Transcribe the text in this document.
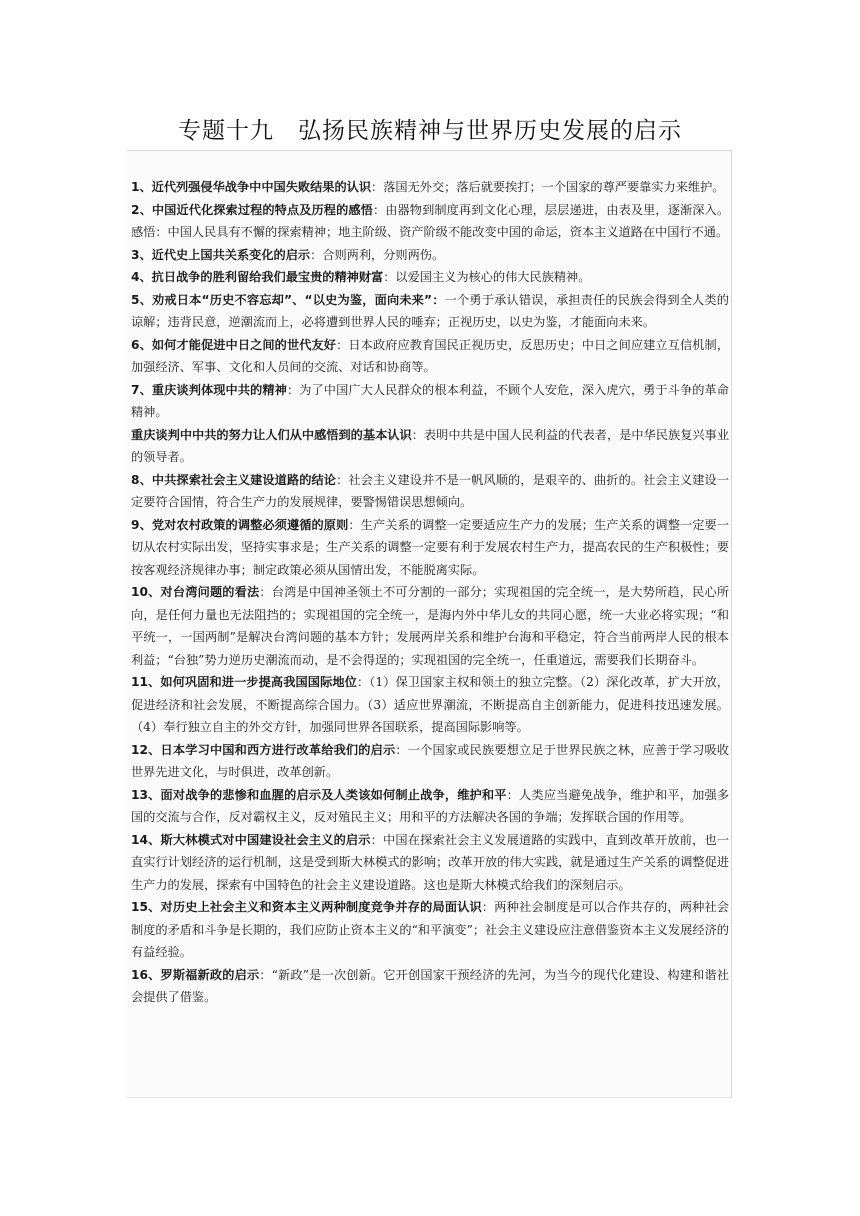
专题十九　弘扬民族精神与世界历史发展的启示

1、近代列强侵华战争中中国失败结果的认识：落国无外交；落后就要挨打；一个国家的尊严要靠实力来维护。

2、中国近代化探索过程的特点及历程的感悟：由器物到制度再到文化心理，层层递进，由表及里，逐渐深入。感悟：中国人民具有不懈的探索精神；地主阶级、资产阶级不能改变中国的命运，资本主义道路在中国行不通。

3、近代史上国共关系变化的启示：合则两利，分则两伤。

4、抗日战争的胜利留给我们最宝贵的精神财富：以爱国主义为核心的伟大民族精神。

5、劝戒日本“历史不容忘却”、“以史为鉴，面向未来”：一个勇于承认错误，承担责任的民族会得到全人类的谅解；违背民意，逆潮流而上，必将遭到世界人民的唾弃；正视历史，以史为鉴，才能面向未来。

6、如何才能促进中日之间的世代友好：日本政府应教育国民正视历史，反思历史；中日之间应建立互信机制，加强经济、军事、文化和人员间的交流、对话和协商等。

7、重庆谈判体现中共的精神：为了中国广大人民群众的根本利益，不顾个人安危，深入虎穴，勇于斗争的革命精神。

重庆谈判中中共的努力让人们从中感悟到的基本认识：表明中共是中国人民利益的代表者，是中华民族复兴事业的领导者。

8、中共探索社会主义建设道路的结论：社会主义建设并不是一帆风顺的，是艰辛的、曲折的。社会主义建设一定要符合国情，符合生产力的发展规律，要警惕错误思想倾向。

9、党对农村政策的调整必须遵循的原则：生产关系的调整一定要适应生产力的发展；生产关系的调整一定要一切从农村实际出发，坚持实事求是；生产关系的调整一定要有利于发展农村生产力，提高农民的生产积极性；要按客观经济规律办事；制定政策必须从国情出发，不能脱离实际。

10、对台湾问题的看法：台湾是中国神圣领土不可分割的一部分；实现祖国的完全统一，是大势所趋，民心所向，是任何力量也无法阻挡的；实现祖国的完全统一，是海内外中华儿女的共同心愿，统一大业必将实现；“和平统一，一国两制”是解决台湾问题的基本方针；发展两岸关系和维护台海和平稳定，符合当前两岸人民的根本利益；“台独”势力逆历史潮流而动，是不会得逞的；实现祖国的完全统一，任重道远，需要我们长期奋斗。

11、如何巩固和进一步提高我国国际地位：（1）保卫国家主权和领土的独立完整。（2）深化改革，扩大开放，促进经济和社会发展，不断提高综合国力。（3）适应世界潮流，不断提高自主创新能力，促进科技迅速发展。（4）奉行独立自主的外交方针，加强同世界各国联系，提高国际影响等。

12、日本学习中国和西方进行改革给我们的启示：一个国家或民族要想立足于世界民族之林，应善于学习吸收世界先进文化，与时俱进，改革创新。

13、面对战争的悲惨和血腥的启示及人类该如何制止战争，维护和平：人类应当避免战争，维护和平，加强多国的交流与合作，反对霸权主义，反对殖民主义；用和平的方法解决各国的争端；发挥联合国的作用等。

14、斯大林模式对中国建设社会主义的启示：中国在探索社会主义发展道路的实践中，直到改革开放前，也一直实行计划经济的运行机制，这是受到斯大林模式的影响；改革开放的伟大实践，就是通过生产关系的调整促进生产力的发展，探索有中国特色的社会主义建设道路。这也是斯大林模式给我们的深刻启示。

15、对历史上社会主义和资本主义两种制度竞争并存的局面认识：两种社会制度是可以合作共存的，两种社会制度的矛盾和斗争是长期的，我们应防止资本主义的“和平演变”；社会主义建设应注意借鉴资本主义发展经济的有益经验。

16、罗斯福新政的启示：“新政”是一次创新。它开创国家干预经济的先河，为当今的现代化建设、构建和谐社会提供了借鉴。
